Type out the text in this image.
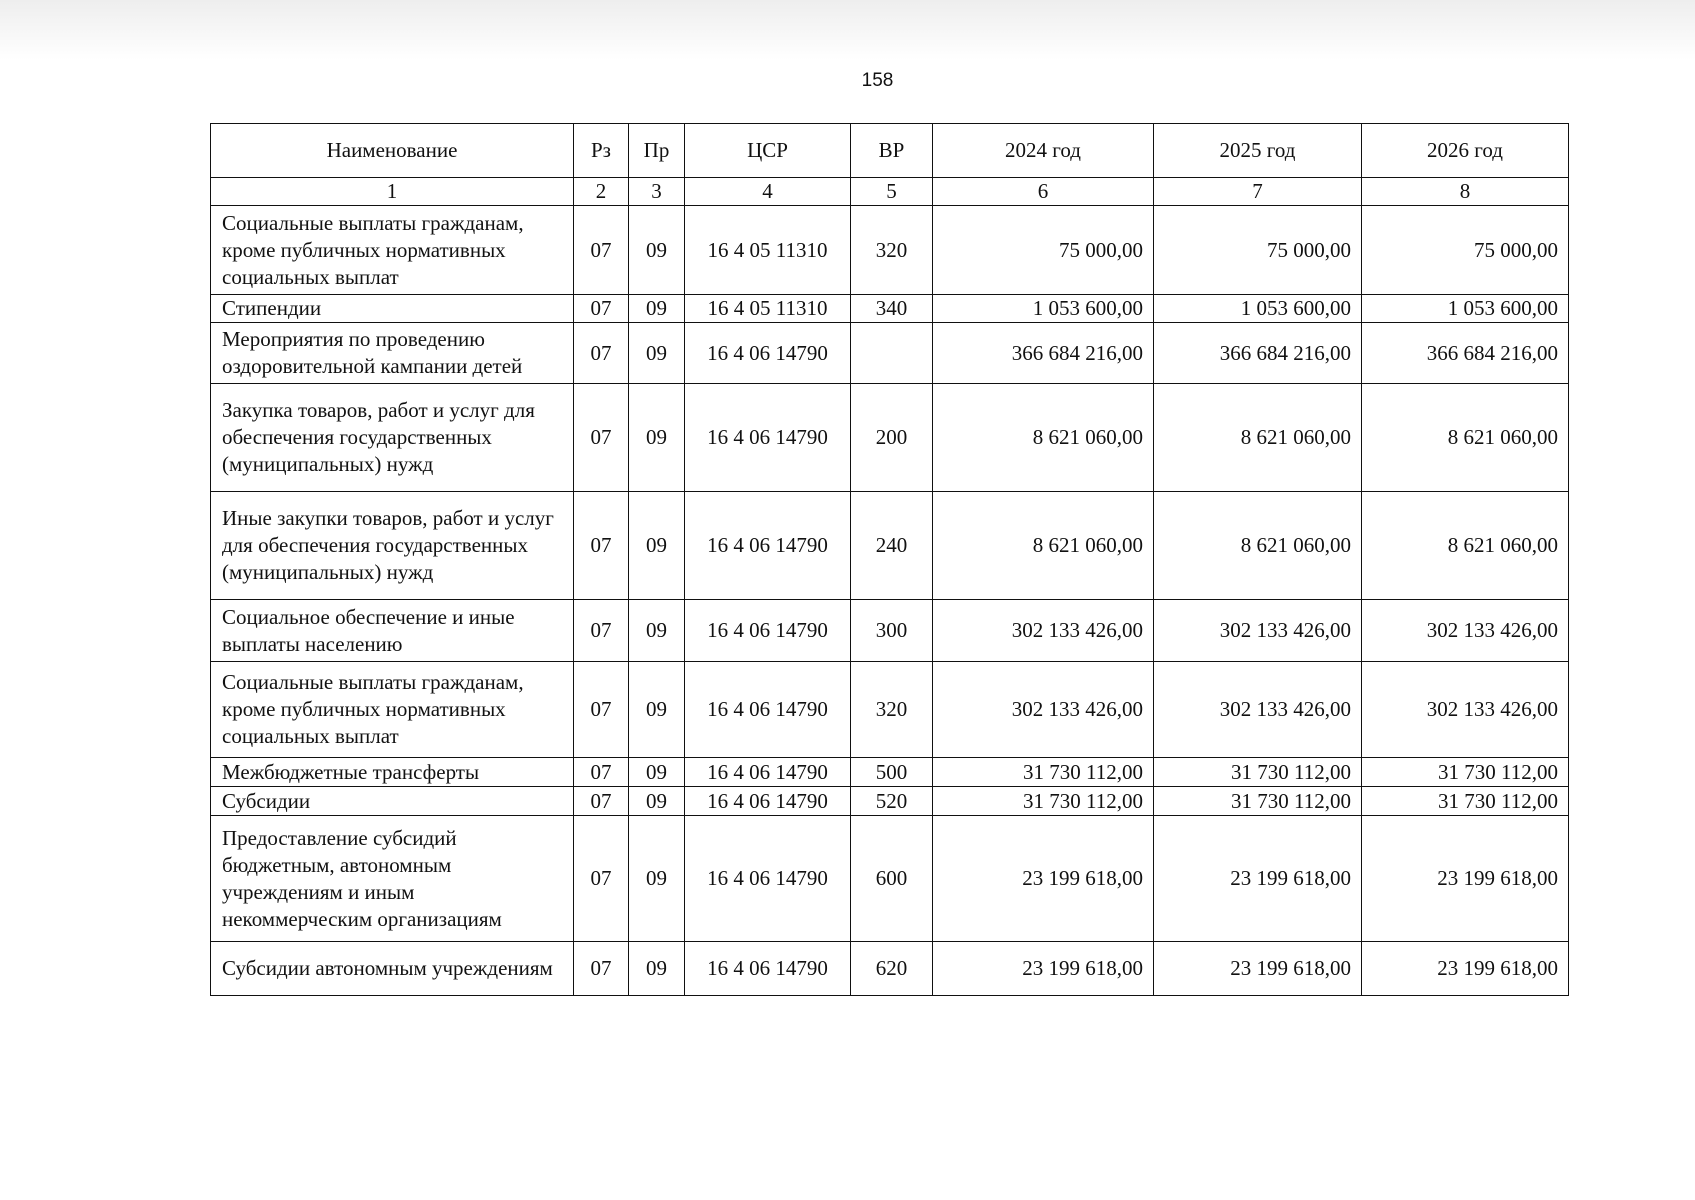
158
Наименование	Рз	Пр	ЦСР	ВР	2024 год	2025 год	2026 год
1	2	3	4	5	6	7	8
Социальные выплаты гражданам, кроме публичных нормативных социальных выплат	07	09	16 4 05 11310	320	75 000,00	75 000,00	75 000,00
Стипендии	07	09	16 4 05 11310	340	1 053 600,00	1 053 600,00	1 053 600,00
Мероприятия по проведению оздоровительной кампании детей	07	09	16 4 06 14790		366 684 216,00	366 684 216,00	366 684 216,00
Закупка товаров, работ и услуг для обеспечения государственных (муниципальных) нужд	07	09	16 4 06 14790	200	8 621 060,00	8 621 060,00	8 621 060,00
Иные закупки товаров, работ и услуг для обеспечения государственных (муниципальных) нужд	07	09	16 4 06 14790	240	8 621 060,00	8 621 060,00	8 621 060,00
Социальное обеспечение и иные выплаты населению	07	09	16 4 06 14790	300	302 133 426,00	302 133 426,00	302 133 426,00
Социальные выплаты гражданам, кроме публичных нормативных социальных выплат	07	09	16 4 06 14790	320	302 133 426,00	302 133 426,00	302 133 426,00
Межбюджетные трансферты	07	09	16 4 06 14790	500	31 730 112,00	31 730 112,00	31 730 112,00
Субсидии	07	09	16 4 06 14790	520	31 730 112,00	31 730 112,00	31 730 112,00
Предоставление субсидий бюджетным, автономным учреждениям и иным некоммерческим организациям	07	09	16 4 06 14790	600	23 199 618,00	23 199 618,00	23 199 618,00
Субсидии автономным учреждениям	07	09	16 4 06 14790	620	23 199 618,00	23 199 618,00	23 199 618,00
